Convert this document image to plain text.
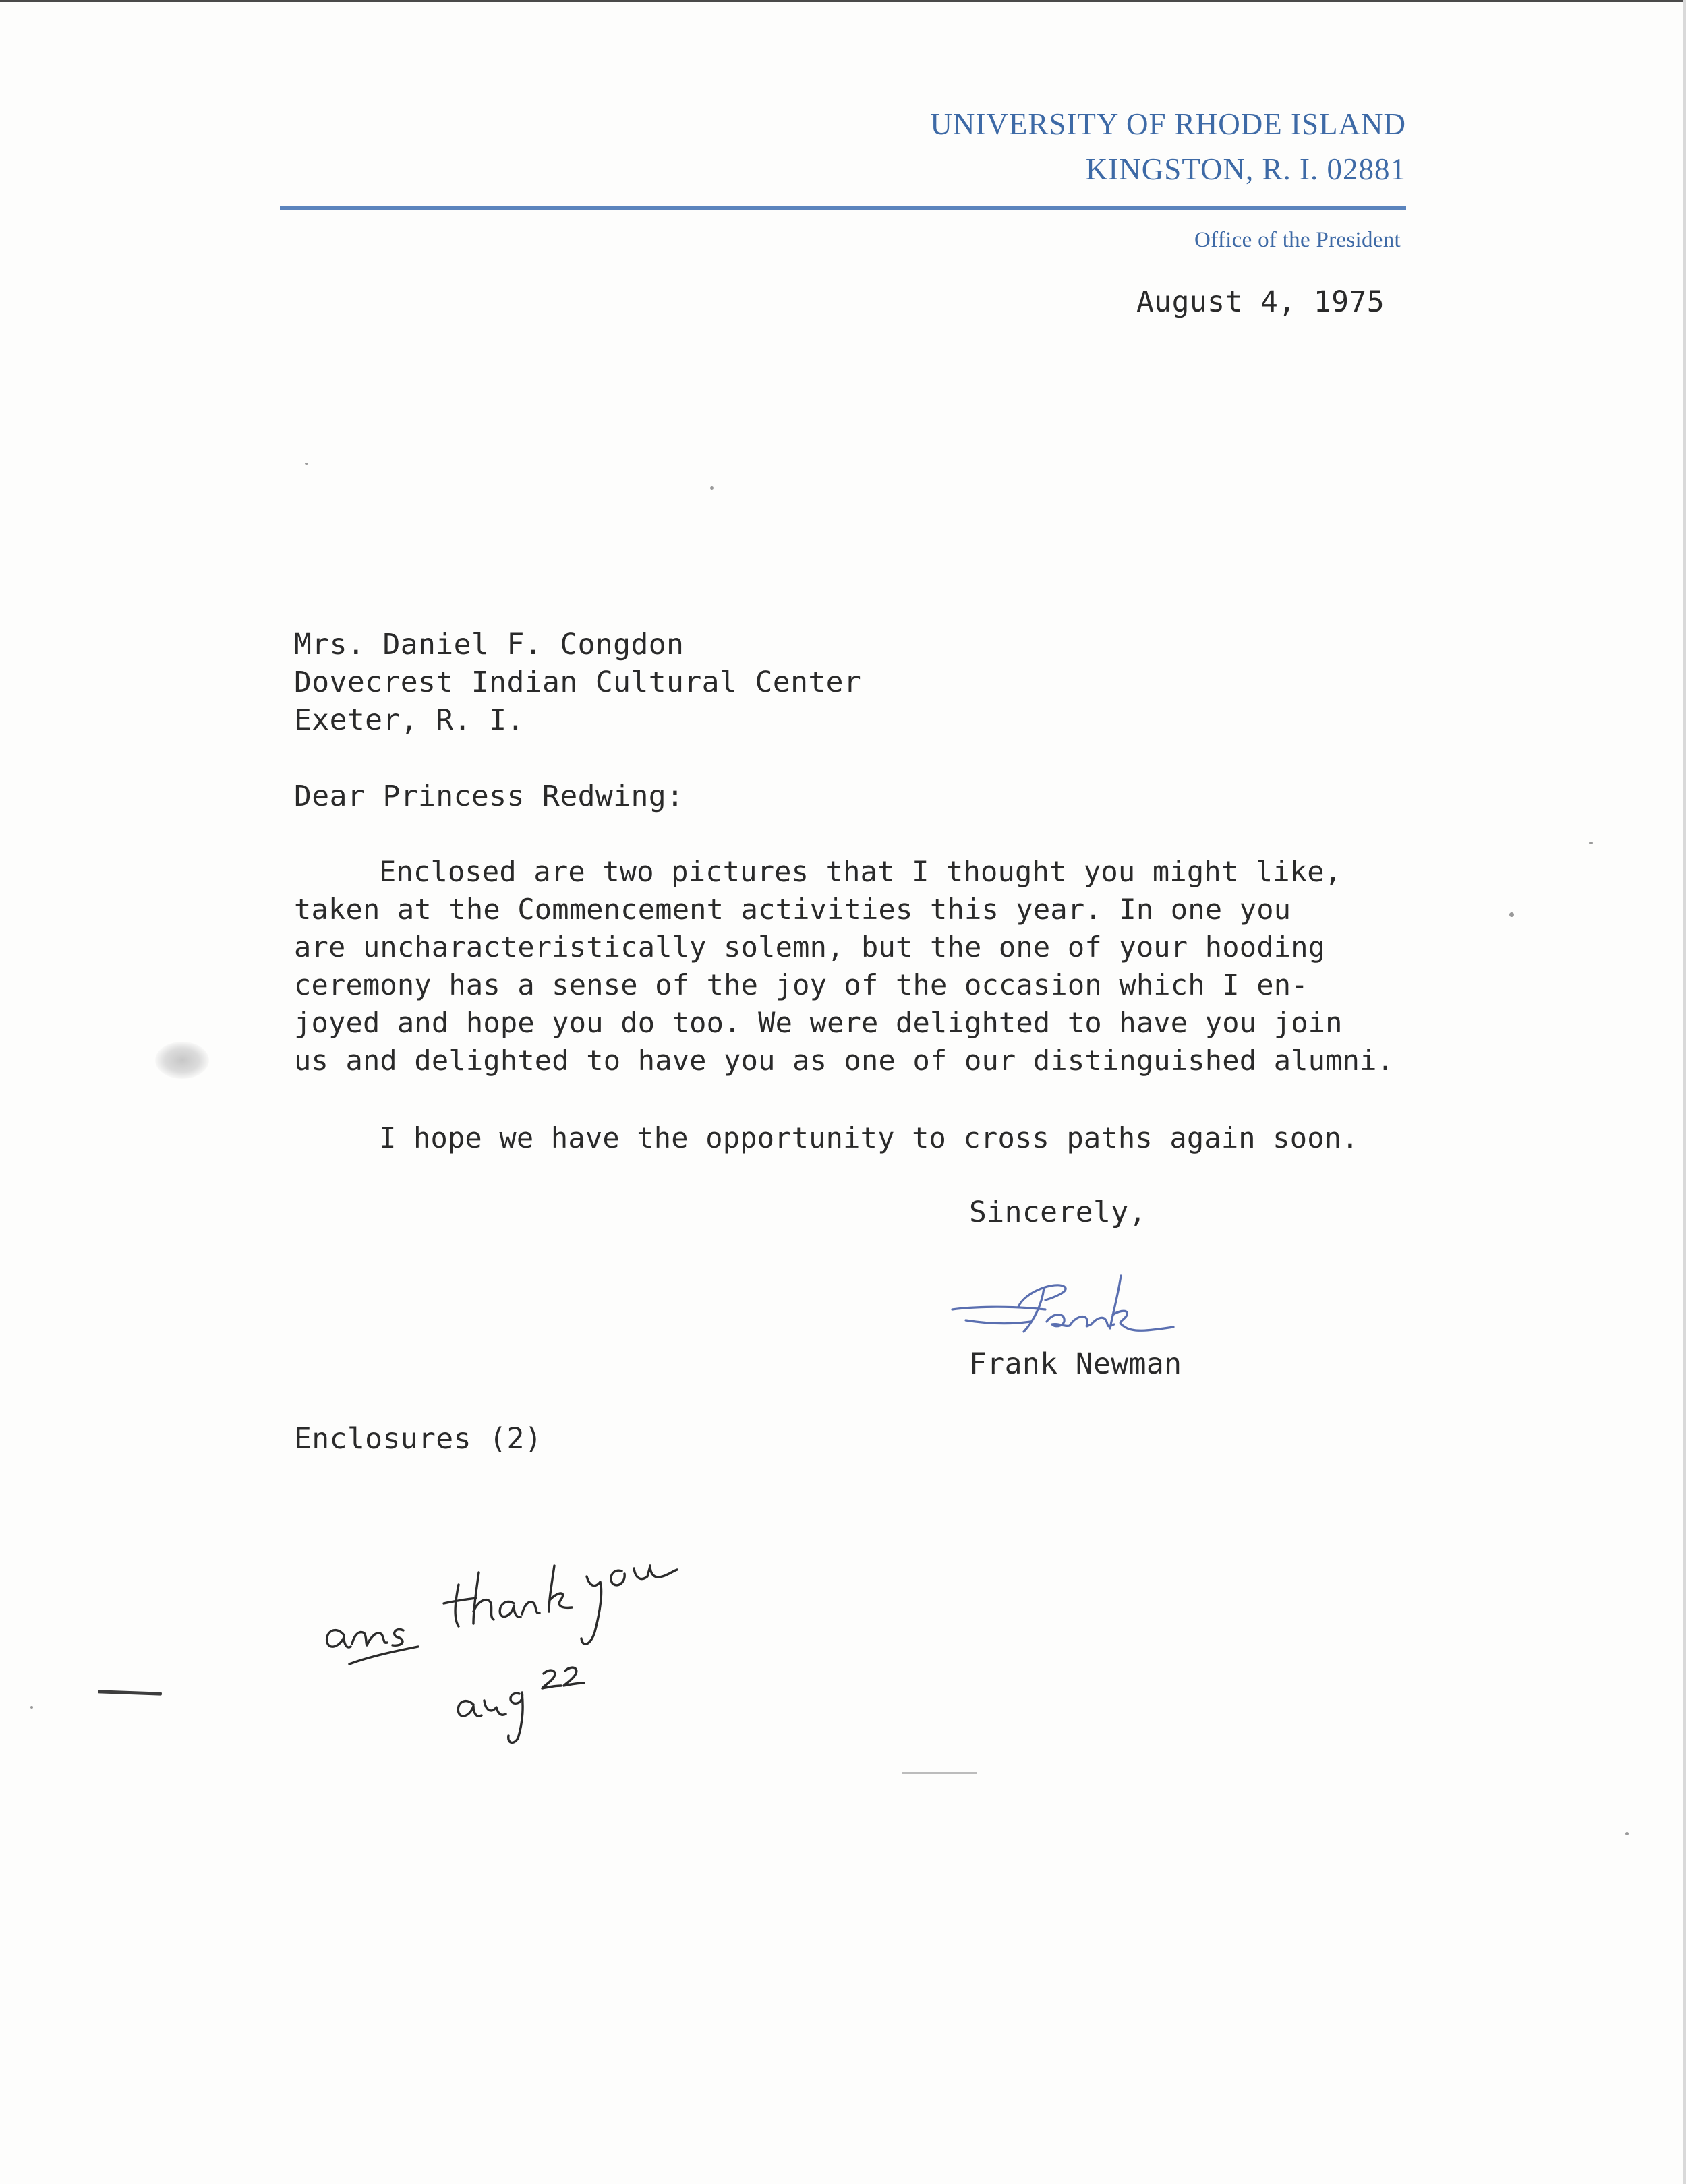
UNIVERSITY OF RHODE ISLAND
KINGSTON, R. I. 02881
Office of the President
August 4, 1975
Mrs. Daniel F. Congdon
Dovecrest Indian Cultural Center
Exeter, R. I.
Dear Princess Redwing:
Enclosed are two pictures that I thought you might like,
taken at the Commencement activities this year. In one you
are uncharacteristically solemn, but the one of your hooding
ceremony has a sense of the joy of the occasion which I en-
joyed and hope you do too. We were delighted to have you join
us and delighted to have you as one of our distinguished alumni.
I hope we have the opportunity to cross paths again soon.
Sincerely,
Frank Newman
Enclosures (2)
